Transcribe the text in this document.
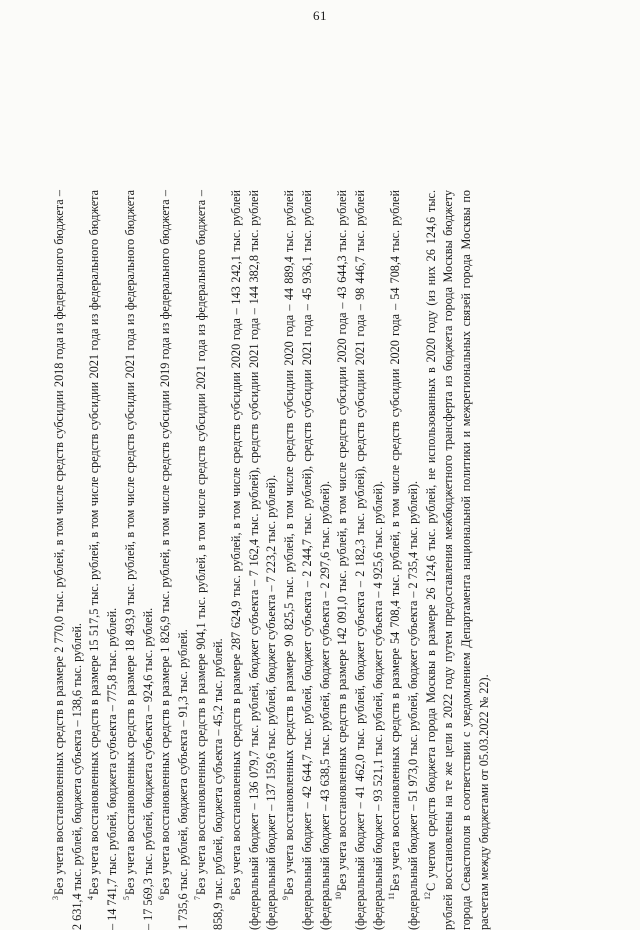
61

$^3$Без учета восстановленных средств в размере 2 770,0 тыс. рублей, в том числе средств субсидии 2018 года из федерального бюджета – 2 631,4 тыс. рублей, бюджета субъекта – 138,6 тыс. рублей. $^4$Без учета восстановленных средств в размере 15 517,5 тыс. рублей, в том числе средств субсидии 2021 года из федерального бюджета – 14 741,7 тыс. рублей, бюджета субъекта – 775,8 тыс. рублей. $^5$Без учета восстановленных средств в размере 18 493,9 тыс. рублей, в том числе средств субсидии 2021 года из федерального бюджета – 17 569,3 тыс. рублей, бюджета субъекта – 924,6 тыс. рублей. $^6$Без учета восстановленных средств в размере 1 826,9 тыс. рублей, в том числе средств субсидии 2019 года из федерального бюджета – 1 735,6 тыс. рублей, бюджета субъекта – 91,3 тыс. рублей. $^7$Без учета восстановленных средств в размере 904,1 тыс. рублей, в том числе средств субсидии 2021 года из федерального бюджета – 858,9 тыс. рублей, бюджета субъекта – 45,2 тыс. рублей. $^8$Без учета восстановленных средств в размере 287 624,9 тыс. рублей, в том числе средств субсидии 2020 года – 143 242,1 тыс. рублей (федеральный бюджет – 136 079,7 тыс. рублей, бюджет субъекта – 7 162,4 тыс. рублей), средств субсидии 2021 года – 144 382,8 тыс. рублей (федеральный бюджет – 137 159,6 тыс. рублей, бюджет субъекта – 7 223,2 тыс. рублей). $^9$Без учета восстановленных средств в размере 90 825,5 тыс. рублей, в том числе средств субсидии 2020 года – 44 889,4 тыс. рублей (федеральный бюджет – 42 644,7 тыс. рублей, бюджет субъекта – 2 244,7 тыс. рублей), средств субсидии 2021 года – 45 936,1 тыс. рублей (федеральный бюджет – 43 638,5 тыс. рублей, бюджет субъекта – 2 297,6 тыс. рублей). $^{10}$Без учета восстановленных средств в размере 142 091,0 тыс. рублей, в том числе средств субсидии 2020 года – 43 644,3 тыс. рублей (федеральный бюджет – 41 462,0 тыс. рублей, бюджет субъекта – 2 182,3 тыс. рублей), средств субсидии 2021 года – 98 446,7 тыс. рублей (федеральный бюджет – 93 521,1 тыс. рублей, бюджет субъекта – 4 925,6 тыс. рублей). $^{11}$Без учета восстановленных средств в размере 54 708,4 тыс. рублей, в том числе средств субсидии 2020 года – 54 708,4 тыс. рублей (федеральный бюджет – 51 973,0 тыс. рублей, бюджет субъекта – 2 735,4 тыс. рублей). $^{12}$С учетом средств бюджета города Москвы в размере 26 124,6 тыс. рублей, не использованных в 2020 году (из них 26 124,6 тыс. рублей восстановлены на те же цели в 2022 году путем предоставления межбюджетного трансферта из бюджета города Москвы бюджету города Севастополя в соответствии с уведомлением Департамента национальной политики и межрегиональных связей города Москвы по расчетам между бюджетами от 05.03.2022 № 22).
